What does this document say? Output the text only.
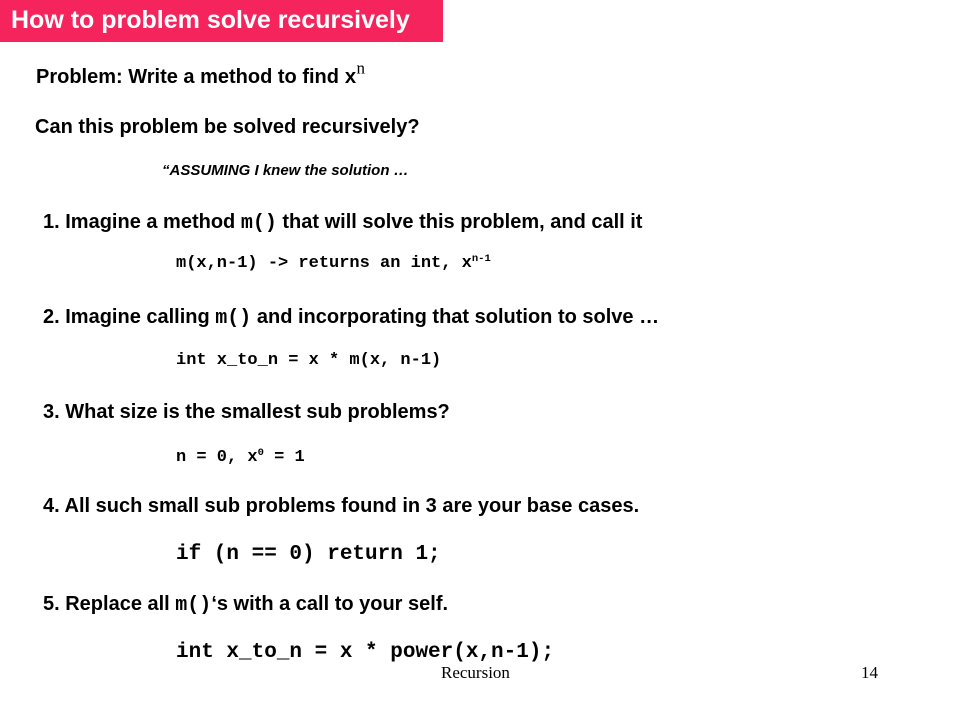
How to problem solve recursively
Problem: Write a method to find $x^n$
Can this problem be solved recursively?
“ASSUMING I knew the solution …
1. Imagine a method m() that will solve this problem, and call it
m(x,n-1) -> returns an int, $x^{n-1}$
2. Imagine calling m() and incorporating that solution to solve …
int x_to_n = x * m(x, n-1)
3. What size is the smallest sub problems?
n = 0, $x^0 = 1$
4. All such small sub problems found in 3 are your base cases.
if (n == 0) return 1;
5. Replace all m()‘s with a call to your self.
int x_to_n = x * power(x,n-1);
Recursion	14
